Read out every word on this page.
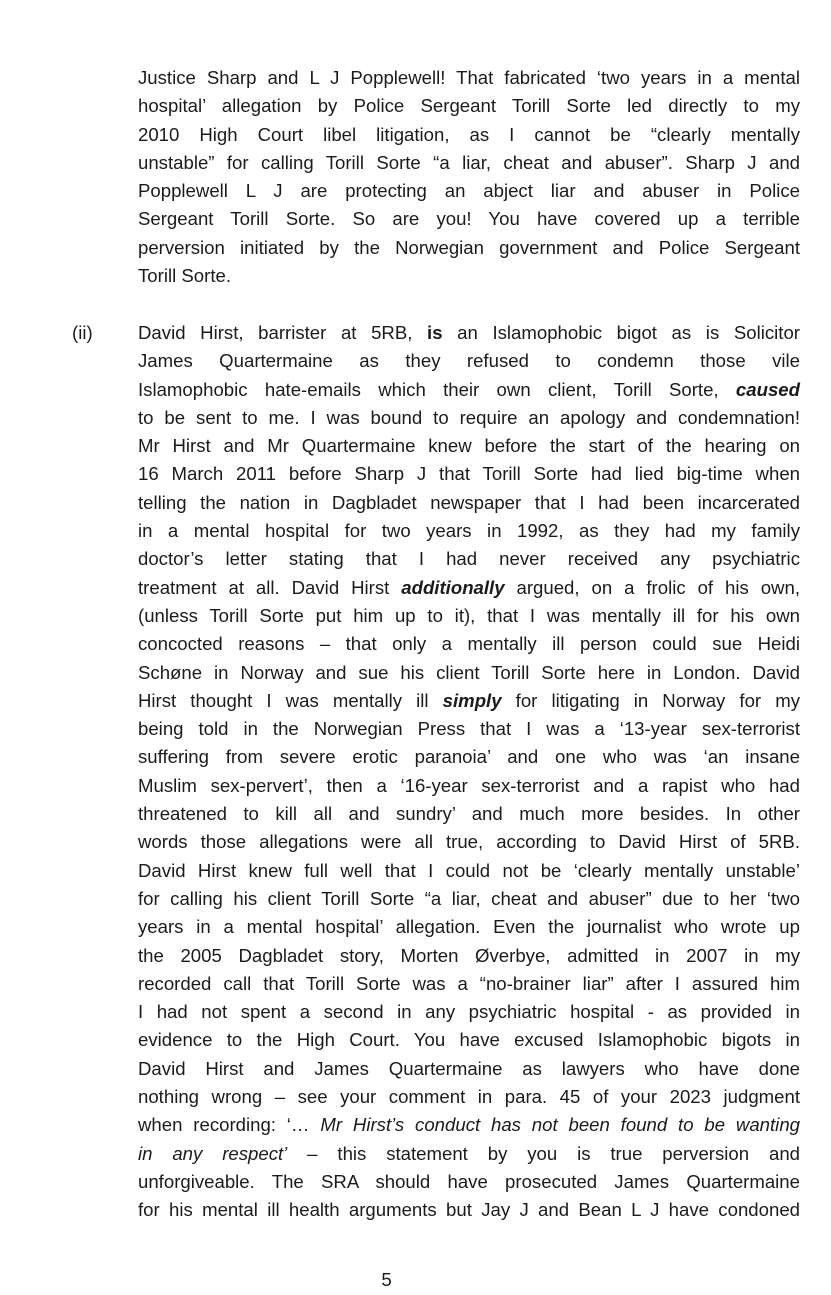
Justice Sharp and L J Popplewell! That fabricated ‘two years in a mental
hospital’ allegation by Police Sergeant Torill Sorte led directly to my
2010 High Court libel litigation, as I cannot be “clearly mentally
unstable” for calling Torill Sorte “a liar, cheat and abuser”. Sharp J and
Popplewell L J are protecting an abject liar and abuser in Police
Sergeant Torill Sorte. So are you! You have covered up a terrible
perversion initiated by the Norwegian government and Police Sergeant
Torill Sorte.
(ii) David Hirst, barrister at 5RB, is an Islamophobic bigot as is Solicitor
James Quartermaine as they refused to condemn those vile
Islamophobic hate-emails which their own client, Torill Sorte, caused
to be sent to me. I was bound to require an apology and condemnation!
Mr Hirst and Mr Quartermaine knew before the start of the hearing on
16 March 2011 before Sharp J that Torill Sorte had lied big-time when
telling the nation in Dagbladet newspaper that I had been incarcerated
in a mental hospital for two years in 1992, as they had my family
doctor’s letter stating that I had never received any psychiatric
treatment at all. David Hirst additionally argued, on a frolic of his own,
(unless Torill Sorte put him up to it), that I was mentally ill for his own
concocted reasons – that only a mentally ill person could sue Heidi
Schøne in Norway and sue his client Torill Sorte here in London. David
Hirst thought I was mentally ill simply for litigating in Norway for my
being told in the Norwegian Press that I was a ‘13-year sex-terrorist
suffering from severe erotic paranoia’ and one who was ‘an insane
Muslim sex-pervert’, then a ‘16-year sex-terrorist and a rapist who had
threatened to kill all and sundry’ and much more besides. In other
words those allegations were all true, according to David Hirst of 5RB.
David Hirst knew full well that I could not be ‘clearly mentally unstable’
for calling his client Torill Sorte “a liar, cheat and abuser” due to her ‘two
years in a mental hospital’ allegation. Even the journalist who wrote up
the 2005 Dagbladet story, Morten Øverbye, admitted in 2007 in my
recorded call that Torill Sorte was a “no-brainer liar” after I assured him
I had not spent a second in any psychiatric hospital - as provided in
evidence to the High Court. You have excused Islamophobic bigots in
David Hirst and James Quartermaine as lawyers who have done
nothing wrong – see your comment in para. 45 of your 2023 judgment
when recording: ‘… Mr Hirst’s conduct has not been found to be wanting
in any respect’ – this statement by you is true perversion and
unforgiveable. The SRA should have prosecuted James Quartermaine
for his mental ill health arguments but Jay J and Bean L J have condoned
5
